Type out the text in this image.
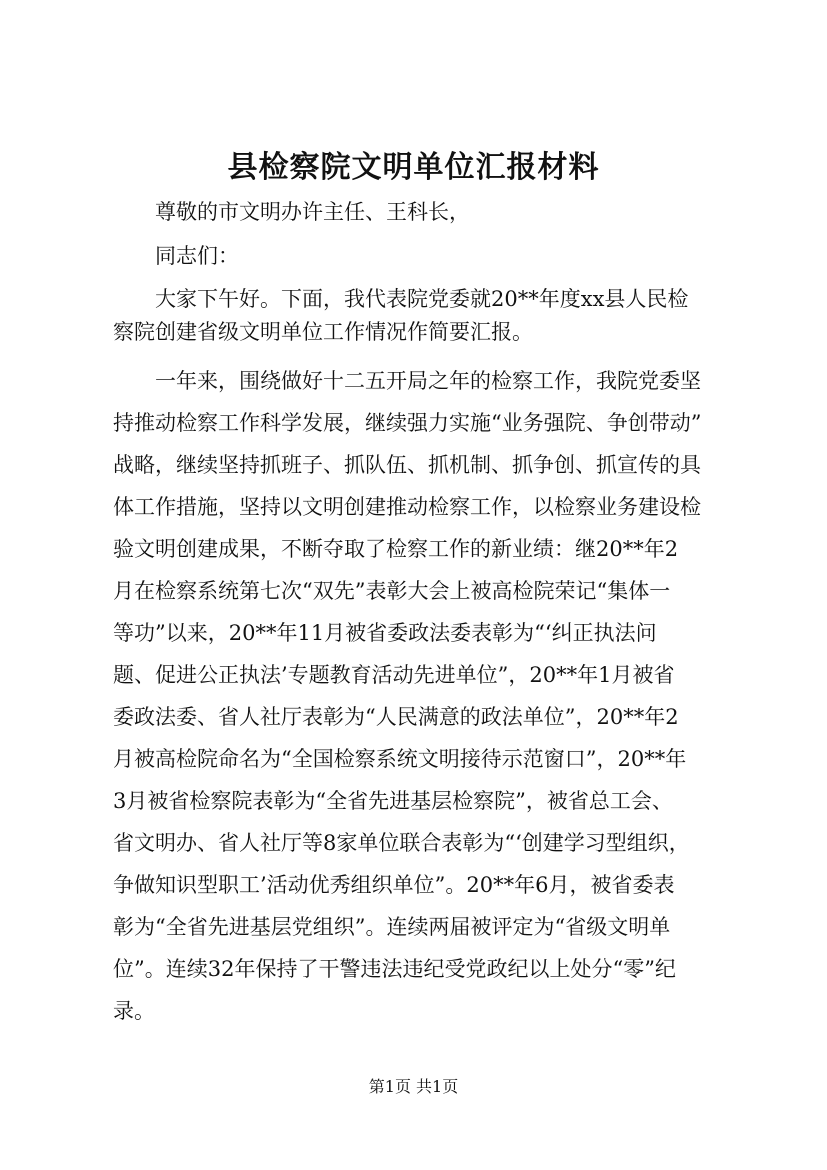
县检察院文明单位汇报材料

尊敬的市文明办许主任、王科长，

同志们：

大家下午好。下面，我代表院党委就20**年度xx县人民检

察院创建省级文明单位工作情况作简要汇报。

一年来，围绕做好十二五开局之年的检察工作，我院党委坚

持推动检察工作科学发展，继续强力实施“业务强院、争创带动”

战略，继续坚持抓班子、抓队伍、抓机制、抓争创、抓宣传的具

体工作措施，坚持以文明创建推动检察工作，以检察业务建设检

验文明创建成果，不断夺取了检察工作的新业绩：继20**年2

月在检察系统第七次“双先”表彰大会上被高检院荣记“集体一

等功”以来，20**年11月被省委政法委表彰为“‘纠正执法问

题、促进公正执法’专题教育活动先进单位”，20**年1月被省

委政法委、省人社厅表彰为“人民满意的政法单位”，20**年2

月被高检院命名为“全国检察系统文明接待示范窗口”，20**年

3月被省检察院表彰为“全省先进基层检察院”，被省总工会、

省文明办、省人社厅等8家单位联合表彰为“‘创建学习型组织，

争做知识型职工’活动优秀组织单位”。20**年6月，被省委表

彰为“全省先进基层党组织”。连续两届被评定为“省级文明单

位”。连续32年保持了干警违法违纪受党政纪以上处分“零”纪

录。

第1页 共1页
